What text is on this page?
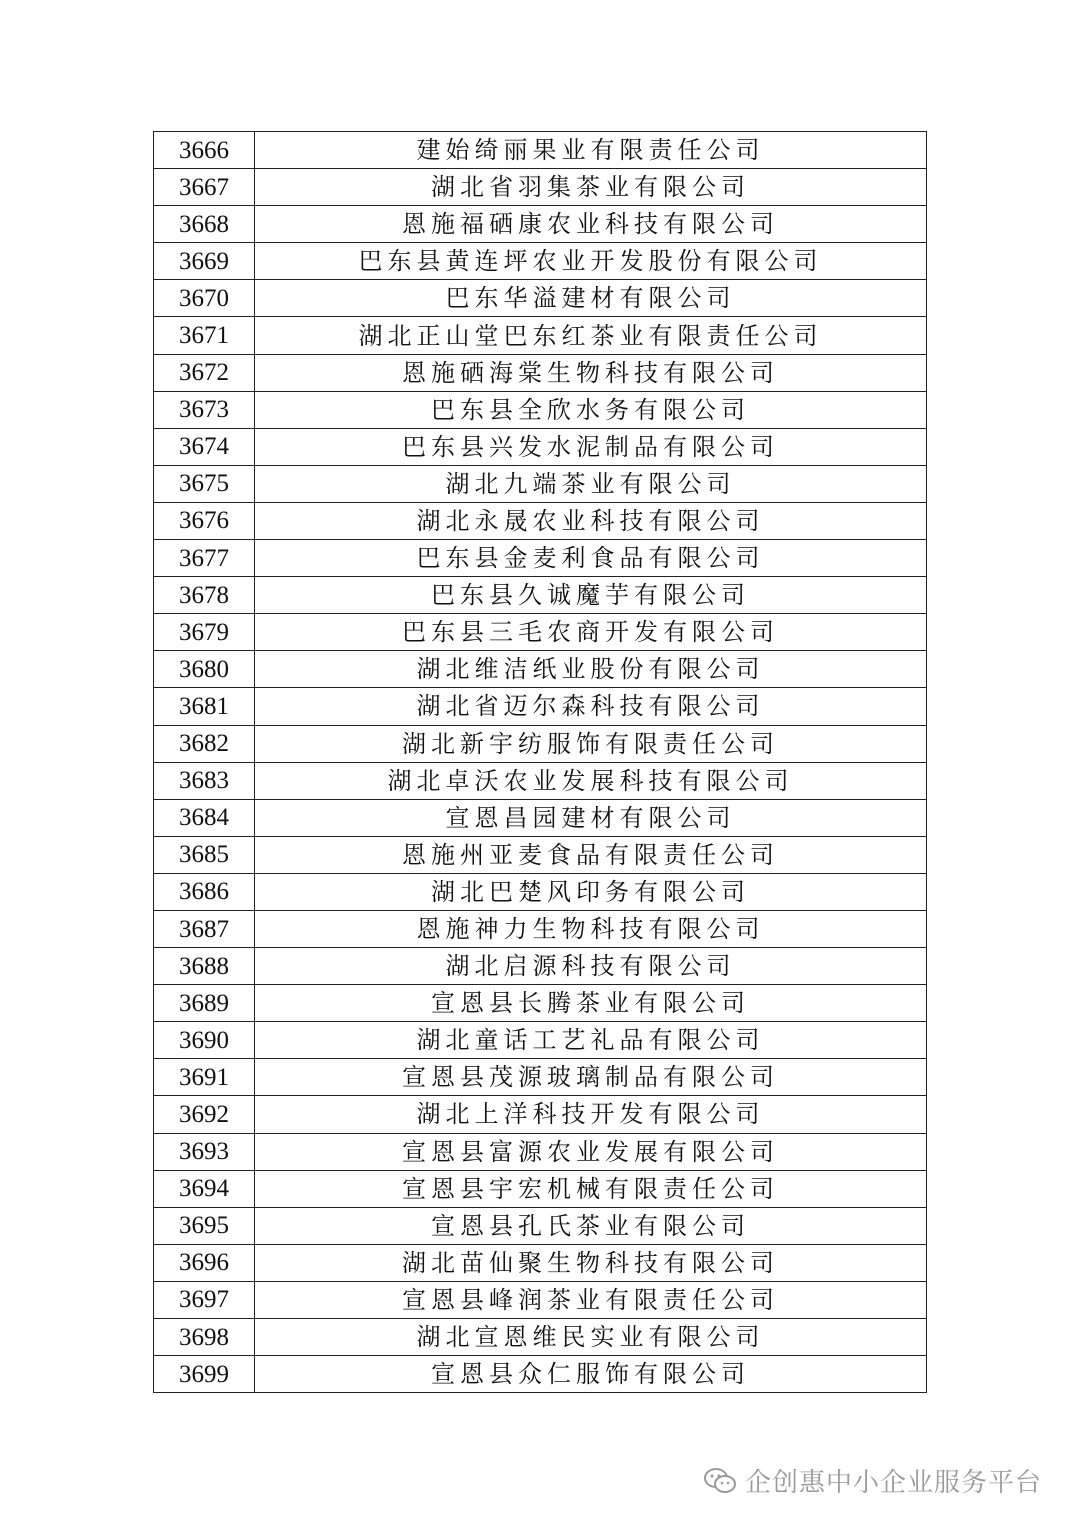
3666	建始绮丽果业有限责任公司
3667	湖北省羽集茶业有限公司
3668	恩施福硒康农业科技有限公司
3669	巴东县黄连坪农业开发股份有限公司
3670	巴东华溢建材有限公司
3671	湖北正山堂巴东红茶业有限责任公司
3672	恩施硒海棠生物科技有限公司
3673	巴东县全欣水务有限公司
3674	巴东县兴发水泥制品有限公司
3675	湖北九端茶业有限公司
3676	湖北永晟农业科技有限公司
3677	巴东县金麦利食品有限公司
3678	巴东县久诚魔芋有限公司
3679	巴东县三毛农商开发有限公司
3680	湖北维洁纸业股份有限公司
3681	湖北省迈尔森科技有限公司
3682	湖北新宇纺服饰有限责任公司
3683	湖北卓沃农业发展科技有限公司
3684	宣恩昌园建材有限公司
3685	恩施州亚麦食品有限责任公司
3686	湖北巴楚风印务有限公司
3687	恩施神力生物科技有限公司
3688	湖北启源科技有限公司
3689	宣恩县长腾茶业有限公司
3690	湖北童话工艺礼品有限公司
3691	宣恩县茂源玻璃制品有限公司
3692	湖北上洋科技开发有限公司
3693	宣恩县富源农业发展有限公司
3694	宣恩县宇宏机械有限责任公司
3695	宣恩县孔氏茶业有限公司
3696	湖北苗仙聚生物科技有限公司
3697	宣恩县峰润茶业有限责任公司
3698	湖北宣恩维民实业有限公司
3699	宣恩县众仁服饰有限公司
企创惠中小企业服务平台
